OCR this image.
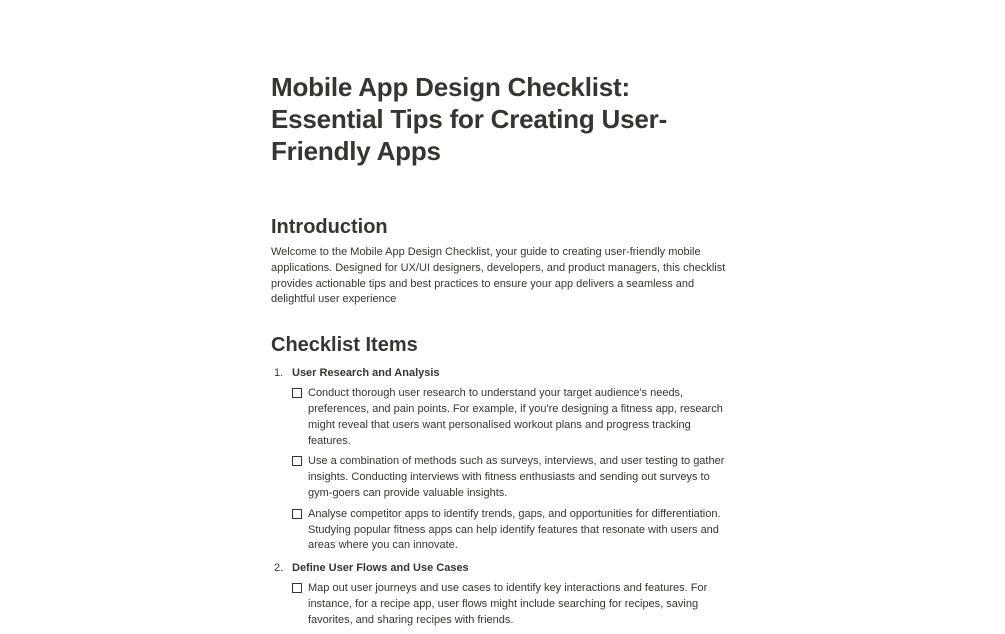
Mobile App Design Checklist: Essential Tips for Creating User-Friendly Apps
Introduction

Welcome to the Mobile App Design Checklist, your guide to creating user-friendly mobile applications. Designed for UX/UI designers, developers, and product managers, this checklist provides actionable tips and best practices to ensure your app delivers a seamless and delightful user experience

Checklist Items
1. User Research and Analysis
Conduct thorough user research to understand your target audience's needs, preferences, and pain points. For example, if you're designing a fitness app, research might reveal that users want personalised workout plans and progress tracking features.
Use a combination of methods such as surveys, interviews, and user testing to gather insights. Conducting interviews with fitness enthusiasts and sending out surveys to gym-goers can provide valuable insights.
Analyse competitor apps to identify trends, gaps, and opportunities for differentiation. Studying popular fitness apps can help identify features that resonate with users and areas where you can innovate.
2. Define User Flows and Use Cases
Map out user journeys and use cases to identify key interactions and features. For instance, for a recipe app, user flows might include searching for recipes, saving favorites, and sharing recipes with friends.
